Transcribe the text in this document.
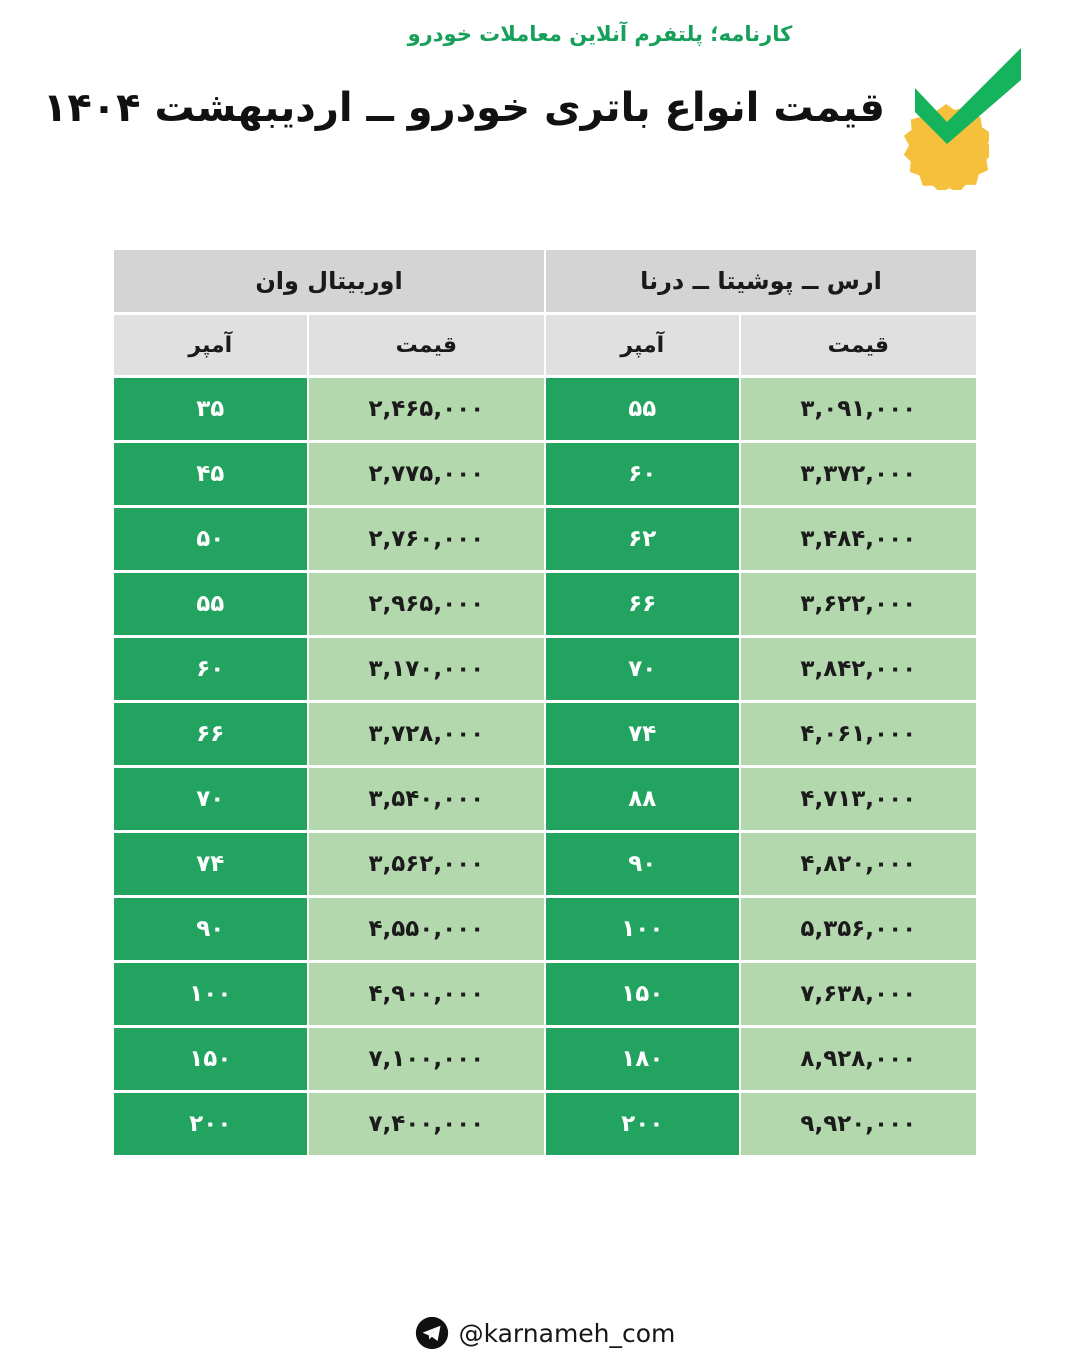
قیمت انواع باتری خودرو ــ اردیبهشت ۱۴۰۴
کارنامه؛ پلتفرم آنلاین معاملات خودرو
ارس ــ پوشیتا ــ درنا		اوربیتال وان	
قیمت	آمپر	قیمت	آمپر
۳,۰۹۱,۰۰۰	۵۵	۲,۴۶۵,۰۰۰	۳۵
۳,۳۷۲,۰۰۰	۶۰	۲,۷۷۵,۰۰۰	۴۵
۳,۴۸۴,۰۰۰	۶۲	۲,۷۶۰,۰۰۰	۵۰
۳,۶۲۲,۰۰۰	۶۶	۲,۹۶۵,۰۰۰	۵۵
۳,۸۴۲,۰۰۰	۷۰	۳,۱۷۰,۰۰۰	۶۰
۴,۰۶۱,۰۰۰	۷۴	۳,۷۲۸,۰۰۰	۶۶
۴,۷۱۳,۰۰۰	۸۸	۳,۵۴۰,۰۰۰	۷۰
۴,۸۲۰,۰۰۰	۹۰	۳,۵۶۲,۰۰۰	۷۴
۵,۳۵۶,۰۰۰	۱۰۰	۴,۵۵۰,۰۰۰	۹۰
۷,۶۳۸,۰۰۰	۱۵۰	۴,۹۰۰,۰۰۰	۱۰۰
۸,۹۲۸,۰۰۰	۱۸۰	۷,۱۰۰,۰۰۰	۱۵۰
۹,۹۲۰,۰۰۰	۲۰۰	۷,۴۰۰,۰۰۰	۲۰۰
@karnameh_com
